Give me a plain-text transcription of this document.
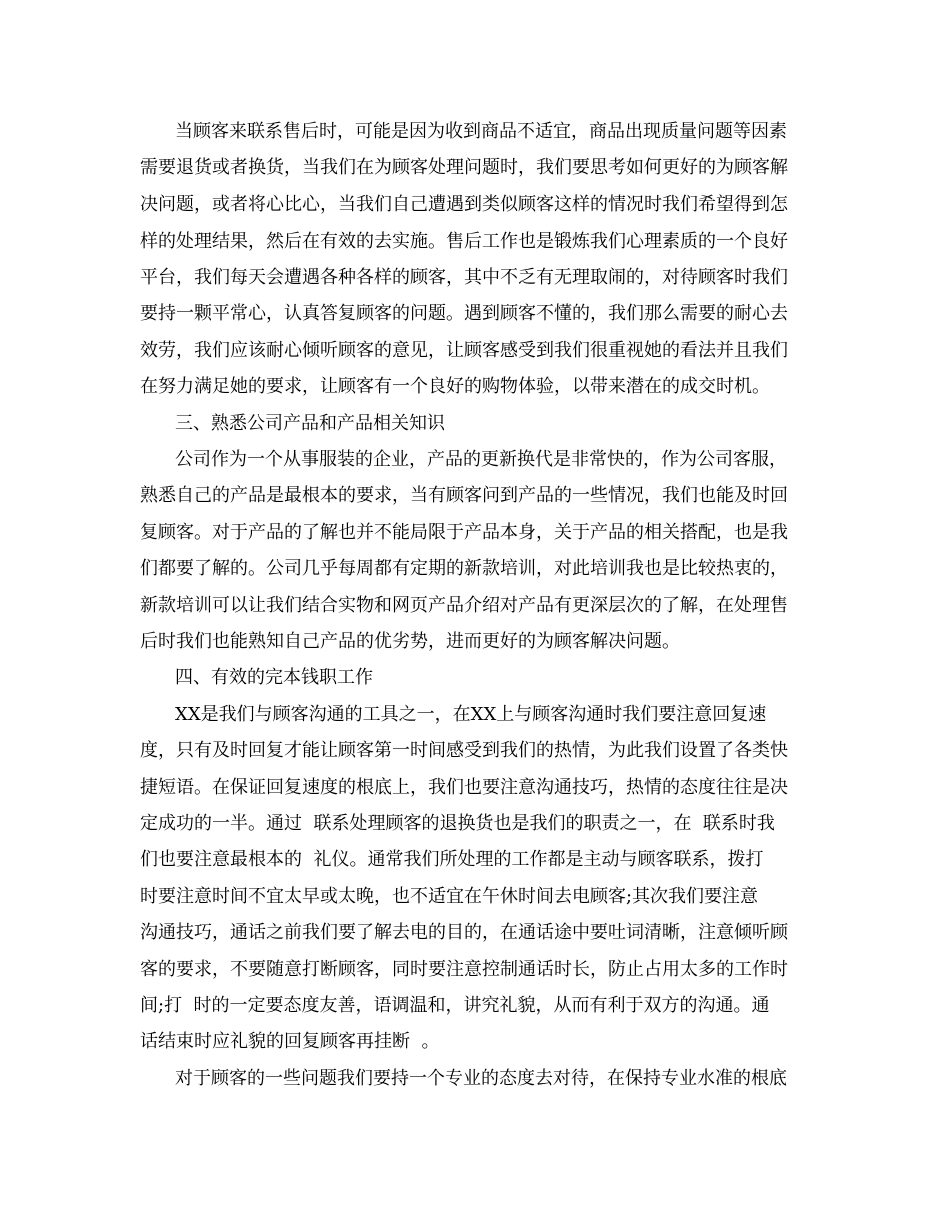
当顾客来联系售后时，可能是因为收到商品不适宜，商品出现质量问题等因素
需要退货或者换货，当我们在为顾客处理问题时，我们要思考如何更好的为顾客解
决问题，或者将心比心，当我们自己遭遇到类似顾客这样的情况时我们希望得到怎
样的处理结果，然后在有效的去实施。售后工作也是锻炼我们心理素质的一个良好
平台，我们每天会遭遇各种各样的顾客，其中不乏有无理取闹的，对待顾客时我们
要持一颗平常心，认真答复顾客的问题。遇到顾客不懂的，我们那么需要的耐心去
效劳，我们应该耐心倾听顾客的意见，让顾客感受到我们很重视她的看法并且我们
在努力满足她的要求，让顾客有一个良好的购物体验，以带来潜在的成交时机。
三、熟悉公司产品和产品相关知识
公司作为一个从事服装的企业，产品的更新换代是非常快的，作为公司客服，
熟悉自己的产品是最根本的要求，当有顾客问到产品的一些情况，我们也能及时回
复顾客。对于产品的了解也并不能局限于产品本身，关于产品的相关搭配，也是我
们都要了解的。公司几乎每周都有定期的新款培训，对此培训我也是比较热衷的，
新款培训可以让我们结合实物和网页产品介绍对产品有更深层次的了解，在处理售
后时我们也能熟知自己产品的优劣势，进而更好的为顾客解决问题。
四、有效的完本钱职工作
XX是我们与顾客沟通的工具之一，在XX上与顾客沟通时我们要注意回复速
度，只有及时回复才能让顾客第一时间感受到我们的热情，为此我们设置了各类快
捷短语。在保证回复速度的根底上，我们也要注意沟通技巧，热情的态度往往是决
定成功的一半。通过  联系处理顾客的退换货也是我们的职责之一，在  联系时我
们也要注意最根本的  礼仪。通常我们所处理的工作都是主动与顾客联系，拨打
时要注意时间不宜太早或太晚，也不适宜在午休时间去电顾客;其次我们要注意
沟通技巧，通话之前我们要了解去电的目的，在通话途中要吐词清晰，注意倾听顾
客的要求，不要随意打断顾客，同时要注意控制通话时长，防止占用太多的工作时
间;打  时的一定要态度友善，语调温和，讲究礼貌，从而有利于双方的沟通。通
话结束时应礼貌的回复顾客再挂断  。
对于顾客的一些问题我们要持一个专业的态度去对待，在保持专业水准的根底
